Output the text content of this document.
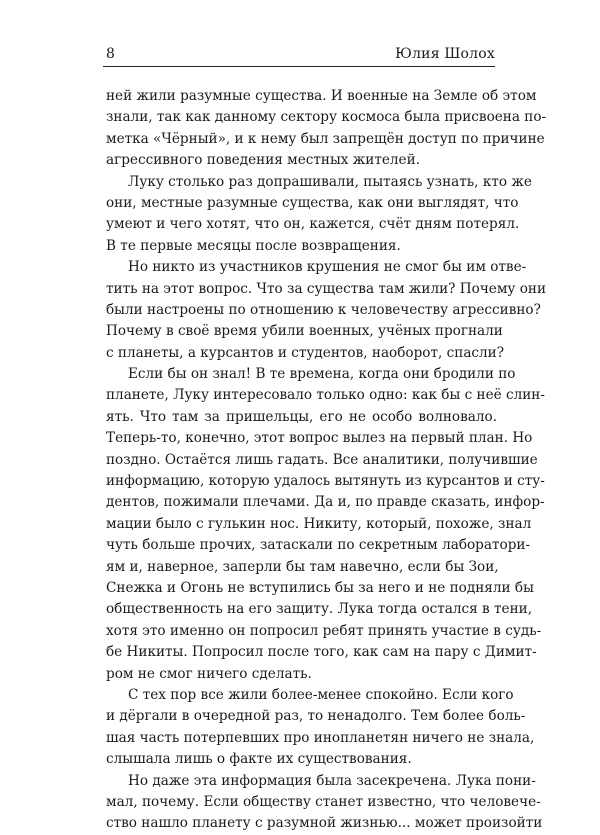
8	Юлия Шолох
ней жили разумные существа. И военные на Земле об этом
знали, так как данному сектору космоса была присвоена по-
метка «Чёрный», и к нему был запрещён доступ по причине
агрессивного поведения местных жителей.
Луку столько раз допрашивали, пытаясь узнать, кто же
они, местные разумные существа, как они выглядят, что
умеют и чего хотят, что он, кажется, счёт дням потерял.
В те первые месяцы после возвращения.
Но никто из участников крушения не смог бы им отве-
тить на этот вопрос. Что за существа там жили? Почему они
были настроены по отношению к человечеству агрессивно?
Почему в своё время убили военных, учёных прогнали
с планеты, а курсантов и студентов, наоборот, спасли?
Если бы он знал! В те времена, когда они бродили по
планете, Луку интересовало только одно: как бы с неё слин-
ять. Что там за пришельцы, его не особо волновало.
Теперь-то, конечно, этот вопрос вылез на первый план. Но
поздно. Остаётся лишь гадать. Все аналитики, получившие
информацию, которую удалось вытянуть из курсантов и сту-
дентов, пожимали плечами. Да и, по правде сказать, инфор-
мации было с гулькин нос. Никиту, который, похоже, знал
чуть больше прочих, затаскали по секретным лаборатори-
ям и, наверное, заперли бы там навечно, если бы Зои,
Снежка и Огонь не вступились бы за него и не подняли бы
общественность на его защиту. Лука тогда остался в тени,
хотя это именно он попросил ребят принять участие в судь-
бе Никиты. Попросил после того, как сам на пару с Димит-
ром не смог ничего сделать.
С тех пор все жили более-менее спокойно. Если кого
и дёргали в очередной раз, то ненадолго. Тем более боль-
шая часть потерпевших про инопланетян ничего не знала,
слышала лишь о факте их существования.
Но даже эта информация была засекречена. Лука пони-
мал, почему. Если обществу станет известно, что человече-
ство нашло планету с разумной жизнью... может произойти
